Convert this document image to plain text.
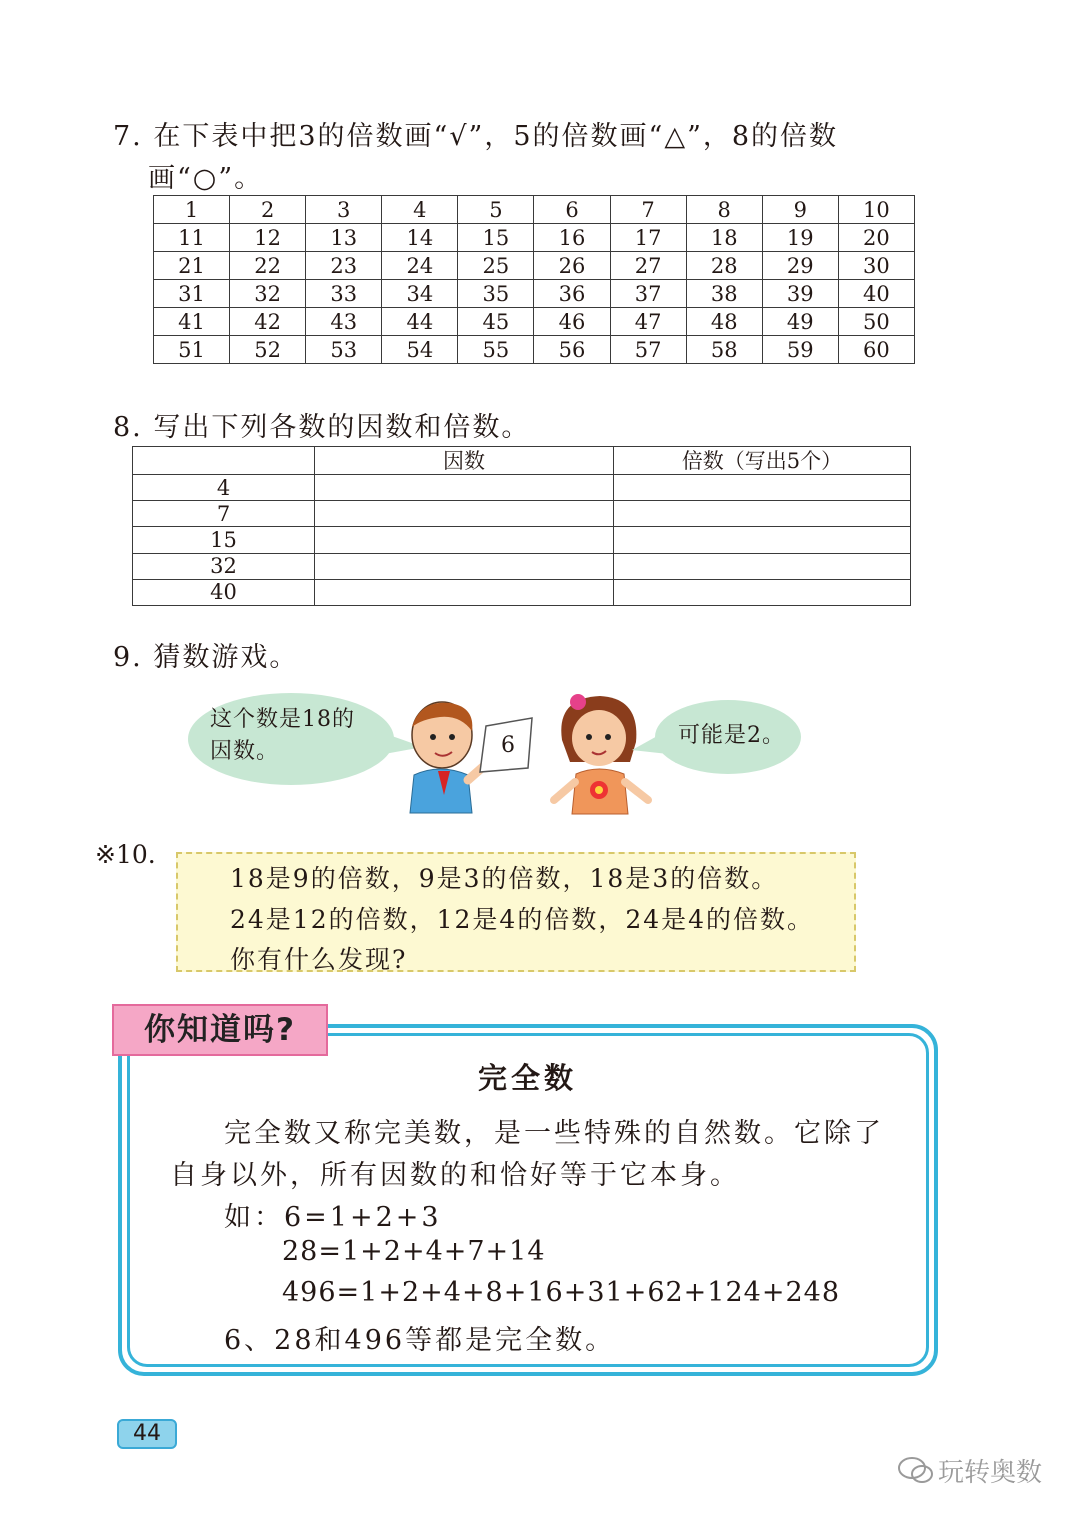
7. 在下表中把3的倍数画“√”，5的倍数画“△”，8的倍数
画“○”。
1	2	3	4	5	6	7	8	9	10
11	12	13	14	15	16	17	18	19	20
21	22	23	24	25	26	27	28	29	30
31	32	33	34	35	36	37	38	39	40
41	42	43	44	45	46	47	48	49	50
51	52	53	54	55	56	57	58	59	60
8. 写出下列各数的因数和倍数。
	因数	倍数（写出5个）
4		
7		
15		
32		
40		
9. 猜数游戏。
这个数是18的
因数。	6	可能是2。
※10.
18是9的倍数，9是3的倍数，18是3的倍数。
24是12的倍数，12是4的倍数，24是4的倍数。
你有什么发现?
你知道吗?
完全数
完全数又称完美数，是一些特殊的自然数。它除了
自身以外，所有因数的和恰好等于它本身。
如：6=1+2+3
28=1+2+4+7+14
496=1+2+4+8+16+31+62+124+248
6、28和496等都是完全数。
44
玩转奥数
